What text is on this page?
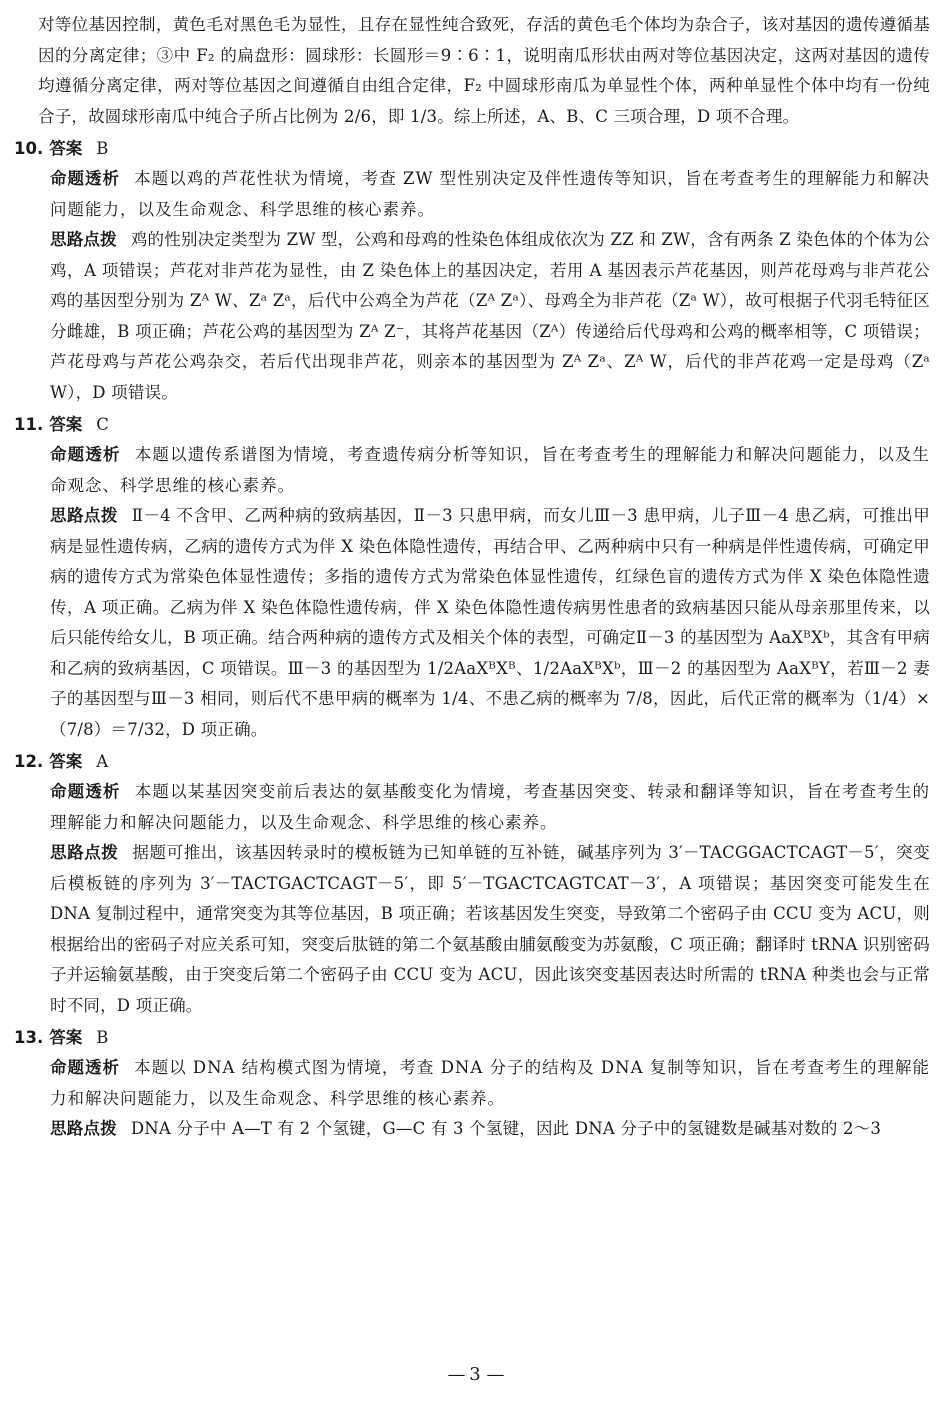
对等位基因控制，黄色毛对黑色毛为显性，且存在显性纯合致死，存活的黄色毛个体均为杂合子，该对基因的遗传遵循基因的分离定律；③中 F₂ 的扁盘形：圆球形：长圆形＝9∶6∶1，说明南瓜形状由两对等位基因决定，这两对基因的遗传均遵循分离定律，两对等位基因之间遵循自由组合定律，F₂ 中圆球形南瓜为单显性个体，两种单显性个体中均有一份纯合子，故圆球形南瓜中纯合子所占比例为 2/6，即 1/3。综上所述，A、B、C 三项合理，D 项不合理。

10. 答案 B

命题透析 本题以鸡的芦花性状为情境，考查 ZW 型性别决定及伴性遗传等知识，旨在考查考生的理解能力和解决问题能力，以及生命观念、科学思维的核心素养。

思路点拨 鸡的性别决定类型为 ZW 型，公鸡和母鸡的性染色体组成依次为 ZZ 和 ZW，含有两条 Z 染色体的个体为公鸡，A 项错误；芦花对非芦花为显性，由 Z 染色体上的基因决定，若用 A 基因表示芦花基因，则芦花母鸡与非芦花公鸡的基因型分别为 Zᴬ W、Zᵃ Zᵃ，后代中公鸡全为芦花（Zᴬ Zᵃ）、母鸡全为非芦花（Zᵃ W），故可根据子代羽毛特征区分雌雄，B 项正确；芦花公鸡的基因型为 Zᴬ Z⁻，其将芦花基因（Zᴬ）传递给后代母鸡和公鸡的概率相等，C 项错误；芦花母鸡与芦花公鸡杂交，若后代出现非芦花，则亲本的基因型为 Zᴬ Zᵃ、Zᴬ W，后代的非芦花鸡一定是母鸡（Zᵃ W），D 项错误。

11. 答案 C

命题透析 本题以遗传系谱图为情境，考查遗传病分析等知识，旨在考查考生的理解能力和解决问题能力，以及生命观念、科学思维的核心素养。

思路点拨 Ⅱ－4 不含甲、乙两种病的致病基因，Ⅱ－3 只患甲病，而女儿Ⅲ－3 患甲病，儿子Ⅲ－4 患乙病，可推出甲病是显性遗传病，乙病的遗传方式为伴 X 染色体隐性遗传，再结合甲、乙两种病中只有一种病是伴性遗传病，可确定甲病的遗传方式为常染色体显性遗传；多指的遗传方式为常染色体显性遗传，红绿色盲的遗传方式为伴 X 染色体隐性遗传，A 项正确。乙病为伴 X 染色体隐性遗传病，伴 X 染色体隐性遗传病男性患者的致病基因只能从母亲那里传来，以后只能传给女儿，B 项正确。结合两种病的遗传方式及相关个体的表型，可确定Ⅱ－3 的基因型为 AaXᴮXᵇ，其含有甲病和乙病的致病基因，C 项错误。Ⅲ－3 的基因型为 1/2AaXᴮXᴮ、1/2AaXᴮXᵇ，Ⅲ－2 的基因型为 AaXᴮY，若Ⅲ－2 妻子的基因型与Ⅲ－3 相同，则后代不患甲病的概率为 1/4、不患乙病的概率为 7/8，因此，后代正常的概率为（1/4）×（7/8）＝7/32，D 项正确。

12. 答案 A

命题透析 本题以某基因突变前后表达的氨基酸变化为情境，考查基因突变、转录和翻译等知识，旨在考查考生的理解能力和解决问题能力，以及生命观念、科学思维的核心素养。

思路点拨 据题可推出，该基因转录时的模板链为已知单链的互补链，碱基序列为 3′－TACGGACTCAGT－5′，突变后模板链的序列为 3′－TACTGACTCAGT－5′，即 5′－TGACTCAGTCAT－3′，A 项错误；基因突变可能发生在 DNA 复制过程中，通常突变为其等位基因，B 项正确；若该基因发生突变，导致第二个密码子由 CCU 变为 ACU，则根据给出的密码子对应关系可知，突变后肽链的第二个氨基酸由脯氨酸变为苏氨酸，C 项正确；翻译时 tRNA 识别密码子并运输氨基酸，由于突变后第二个密码子由 CCU 变为 ACU，因此该突变基因表达时所需的 tRNA 种类也会与正常时不同，D 项正确。

13. 答案 B

命题透析 本题以 DNA 结构模式图为情境，考查 DNA 分子的结构及 DNA 复制等知识，旨在考查考生的理解能力和解决问题能力，以及生命观念、科学思维的核心素养。

思路点拨 DNA 分子中 A—T 有 2 个氢键，G—C 有 3 个氢键，因此 DNA 分子中的氢键数是碱基对数的 2～3

— 3 —
